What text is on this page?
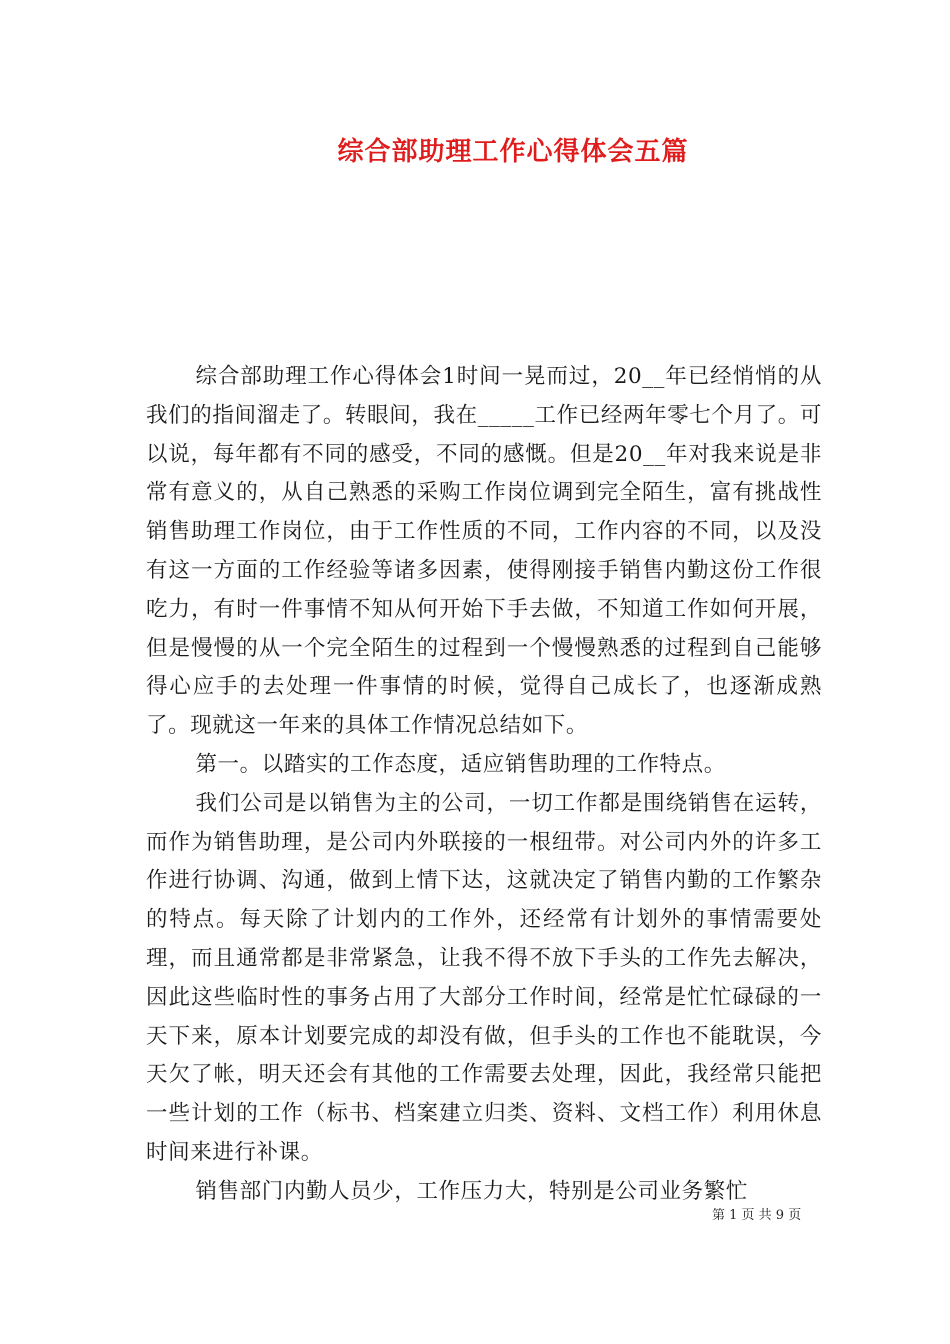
综合部助理工作心得体会五篇

综合部助理工作心得体会1时间一晃而过，20__年已经悄悄的从我们的指间溜走了。转眼间，我在_____工作已经两年零七个月了。可以说，每年都有不同的感受，不同的感慨。但是20__年对我来说是非常有意义的，从自己熟悉的采购工作岗位调到完全陌生，富有挑战性销售助理工作岗位，由于工作性质的不同，工作内容的不同，以及没有这一方面的工作经验等诸多因素，使得刚接手销售内勤这份工作很吃力，有时一件事情不知从何开始下手去做，不知道工作如何开展，但是慢慢的从一个完全陌生的过程到一个慢慢熟悉的过程到自己能够得心应手的去处理一件事情的时候，觉得自己成长了，也逐渐成熟了。现就这一年来的具体工作情况总结如下。

第一。以踏实的工作态度，适应销售助理的工作特点。

我们公司是以销售为主的公司，一切工作都是围绕销售在运转，而作为销售助理，是公司内外联接的一根纽带。对公司内外的许多工作进行协调、沟通，做到上情下达，这就决定了销售内勤的工作繁杂的特点。每天除了计划内的工作外，还经常有计划外的事情需要处理，而且通常都是非常紧急，让我不得不放下手头的工作先去解决，因此这些临时性的事务占用了大部分工作时间，经常是忙忙碌碌的一天下来，原本计划要完成的却没有做，但手头的工作也不能耽误，今天欠了帐，明天还会有其他的工作需要去处理，因此，我经常只能把一些计划的工作（标书、档案建立归类、资料、文档工作）利用休息时间来进行补课。

销售部门内勤人员少，工作压力大，特别是公司业务繁忙

第 1 页 共 9 页
